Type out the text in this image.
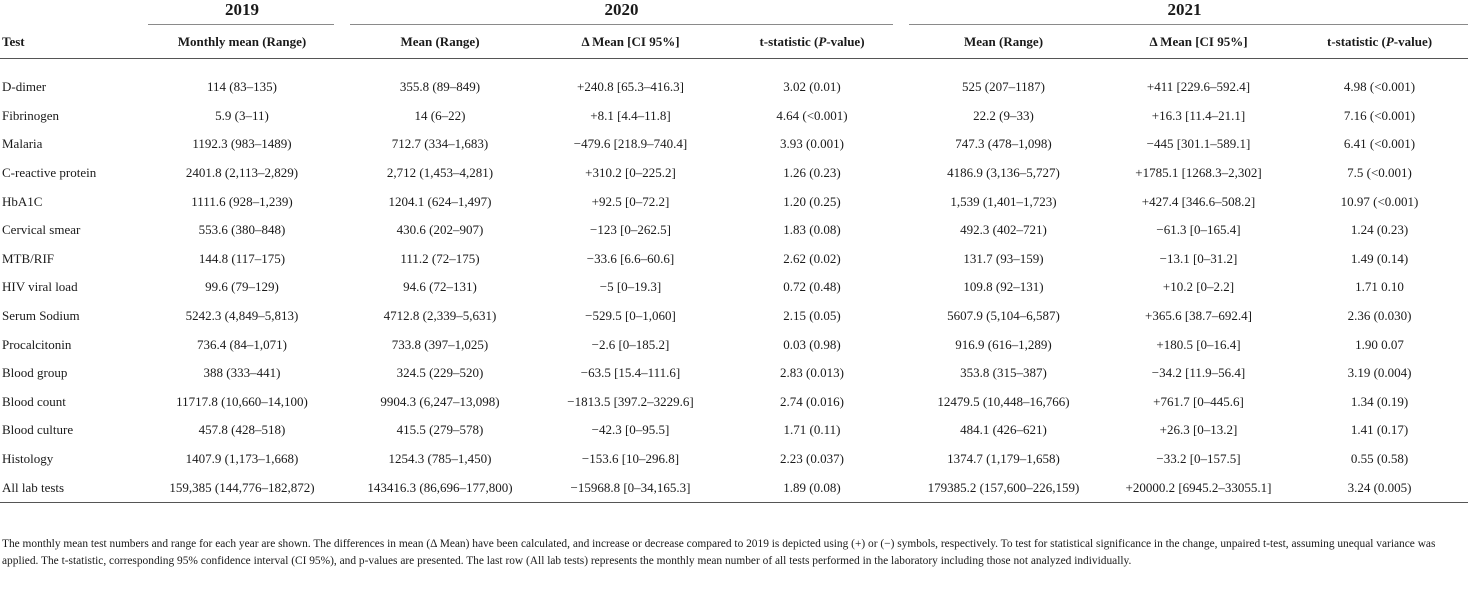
	2019	2020			2021		

Test	Monthly mean (Range)	Mean (Range)	Δ Mean [CI 95%]	t-statistic (P-value)	Mean (Range)	Δ Mean [CI 95%]	t-statistic (P-value)

D-dimer	114 (83–135)	355.8 (89–849)	+240.8 [65.3–416.3]	3.02 (0.01)	525 (207–1187)	+411 [229.6–592.4]	4.98 (<0.001)
Fibrinogen	5.9 (3–11)	14 (6–22)	+8.1 [4.4–11.8]	4.64 (<0.001)	22.2 (9–33)	+16.3 [11.4–21.1]	7.16 (<0.001)
Malaria	1192.3 (983–1489)	712.7 (334–1,683)	−479.6 [218.9–740.4]	3.93 (0.001)	747.3 (478–1,098)	−445 [301.1–589.1]	6.41 (<0.001)
C-reactive protein	2401.8 (2,113–2,829)	2,712 (1,453–4,281)	+310.2 [0–225.2]	1.26 (0.23)	4186.9 (3,136–5,727)	+1785.1 [1268.3–2,302]	7.5 (<0.001)
HbA1C	1111.6 (928–1,239)	1204.1 (624–1,497)	+92.5 [0–72.2]	1.20 (0.25)	1,539 (1,401–1,723)	+427.4 [346.6–508.2]	10.97 (<0.001)
Cervical smear	553.6 (380–848)	430.6 (202–907)	−123 [0–262.5]	1.83 (0.08)	492.3 (402–721)	−61.3 [0–165.4]	1.24 (0.23)
MTB/RIF	144.8 (117–175)	111.2 (72–175)	−33.6 [6.6–60.6]	2.62 (0.02)	131.7 (93–159)	−13.1 [0–31.2]	1.49 (0.14)
HIV viral load	99.6 (79–129)	94.6 (72–131)	−5 [0–19.3]	0.72 (0.48)	109.8 (92–131)	+10.2 [0–2.2]	1.71 0.10
Serum Sodium	5242.3 (4,849–5,813)	4712.8 (2,339–5,631)	−529.5 [0–1,060]	2.15 (0.05)	5607.9 (5,104–6,587)	+365.6 [38.7–692.4]	2.36 (0.030)
Procalcitonin	736.4 (84–1,071)	733.8 (397–1,025)	−2.6 [0–185.2]	0.03 (0.98)	916.9 (616–1,289)	+180.5 [0–16.4]	1.90 0.07
Blood group	388 (333–441)	324.5 (229–520)	−63.5 [15.4–111.6]	2.83 (0.013)	353.8 (315–387)	−34.2 [11.9–56.4]	3.19 (0.004)
Blood count	11717.8 (10,660–14,100)	9904.3 (6,247–13,098)	−1813.5 [397.2–3229.6]	2.74 (0.016)	12479.5 (10,448–16,766)	+761.7 [0–445.6]	1.34 (0.19)
Blood culture	457.8 (428–518)	415.5 (279–578)	−42.3 [0–95.5]	1.71 (0.11)	484.1 (426–621)	+26.3 [0–13.2]	1.41 (0.17)
Histology	1407.9 (1,173–1,668)	1254.3 (785–1,450)	−153.6 [10–296.8]	2.23 (0.037)	1374.7 (1,179–1,658)	−33.2 [0–157.5]	0.55 (0.58)
All lab tests	159,385 (144,776–182,872)	143416.3 (86,696–177,800)	−15968.8 [0–34,165.3]	1.89 (0.08)	179385.2 (157,600–226,159)	+20000.2 [6945.2–33055.1]	3.24 (0.005)
The monthly mean test numbers and range for each year are shown. The differences in mean (Δ Mean) have been calculated, and increase or decrease compared to 2019 is depicted using (+) or (−) symbols, respectively. To test for statistical significance in the change, unpaired t-test, assuming unequal variance was applied. The t-statistic, corresponding 95% confidence interval (CI 95%), and p-values are presented. The last row (All lab tests) represents the monthly mean number of all tests performed in the laboratory including those not analyzed individually.
